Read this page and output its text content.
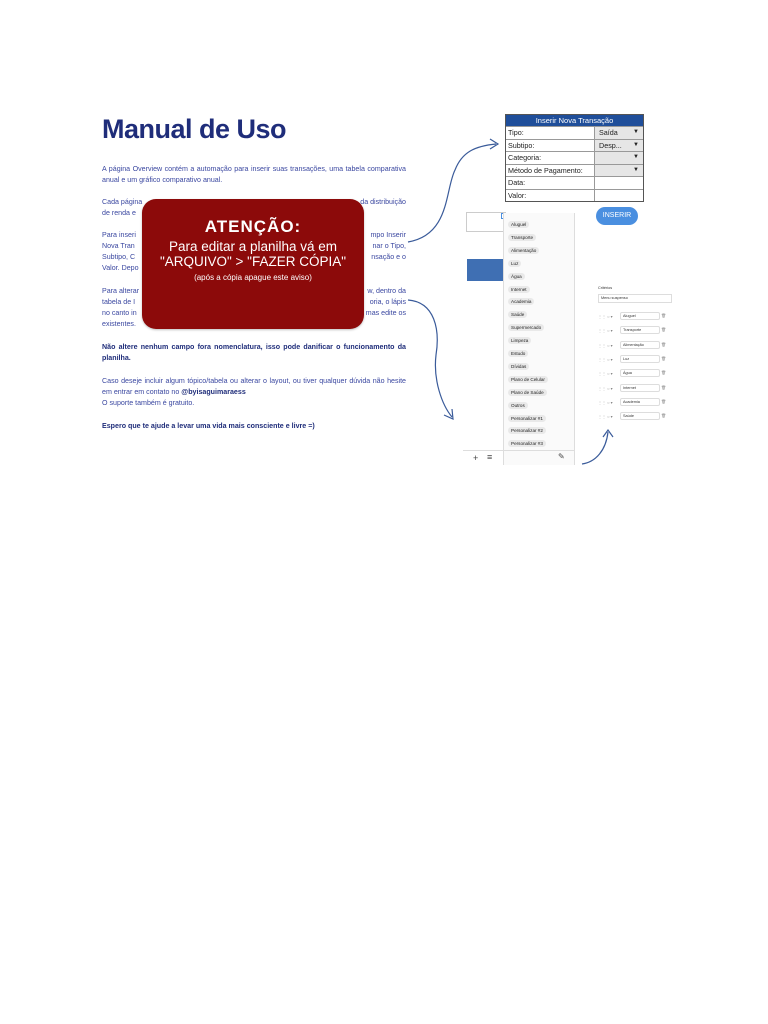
Manual de Uso
A página Overview contém a automação para inserir suas transações, uma tabela comparativa anual e um gráfico comparativo anual.
Cada página	da distribuição

de renda e
Para inseri	mpo Inserir
Nova Tran	nar o Tipo,
Subtipo, C	nsação e o
Valor. Depo
Para alterar	w, dentro da
tabela de I	oria, o lápis
no canto in	mas edite os
existentes.
Não altere nenhum campo fora nomenclatura, isso pode danificar o funcionamento da planilha.
Caso deseje incluir algum tópico/tabela ou alterar o layout, ou tiver qualquer dúvida não hesite em entrar em contato no @byisaguimaraess
O suporte também é gratuito.
Espero que te ajude a levar uma vida mais consciente e livre =)
ATENÇÃO:
Para editar a planilha vá em "ARQUIVO" > "FAZER CÓPIA"
(após a cópia apague este aviso)
Inserir Nova Transação
Tipo:	Saída	▼
Subtipo:	Desp... ▼
Categoria:	▼
Método de Pagamento:	▼
Data:
Valor:
INSERIR
Aluguel
Transporte
Alimentação
Luz
Água
Internet
Academia
Saúde
Supermercado
Limpeza
Estudo
Dívidas
Plano de Celular
Plano de Saúde
Outros
Personalizar #1
Personalizar #2
Personalizar #3
+ ≡	✎
Critérios
Menu suspenso
⋮⋮ ○ ▾	Aluguel	🗑
⋮⋮ ○ ▾	Transporte	🗑
⋮⋮ ○ ▾	Alimentação	🗑
⋮⋮ ○ ▾	Luz	🗑
⋮⋮ ○ ▾	Água	🗑
⋮⋮ ○ ▾	Internet	🗑
⋮⋮ ○ ▾	Academia	🗑
⋮⋮ ○ ▾	Saúde	🗑
